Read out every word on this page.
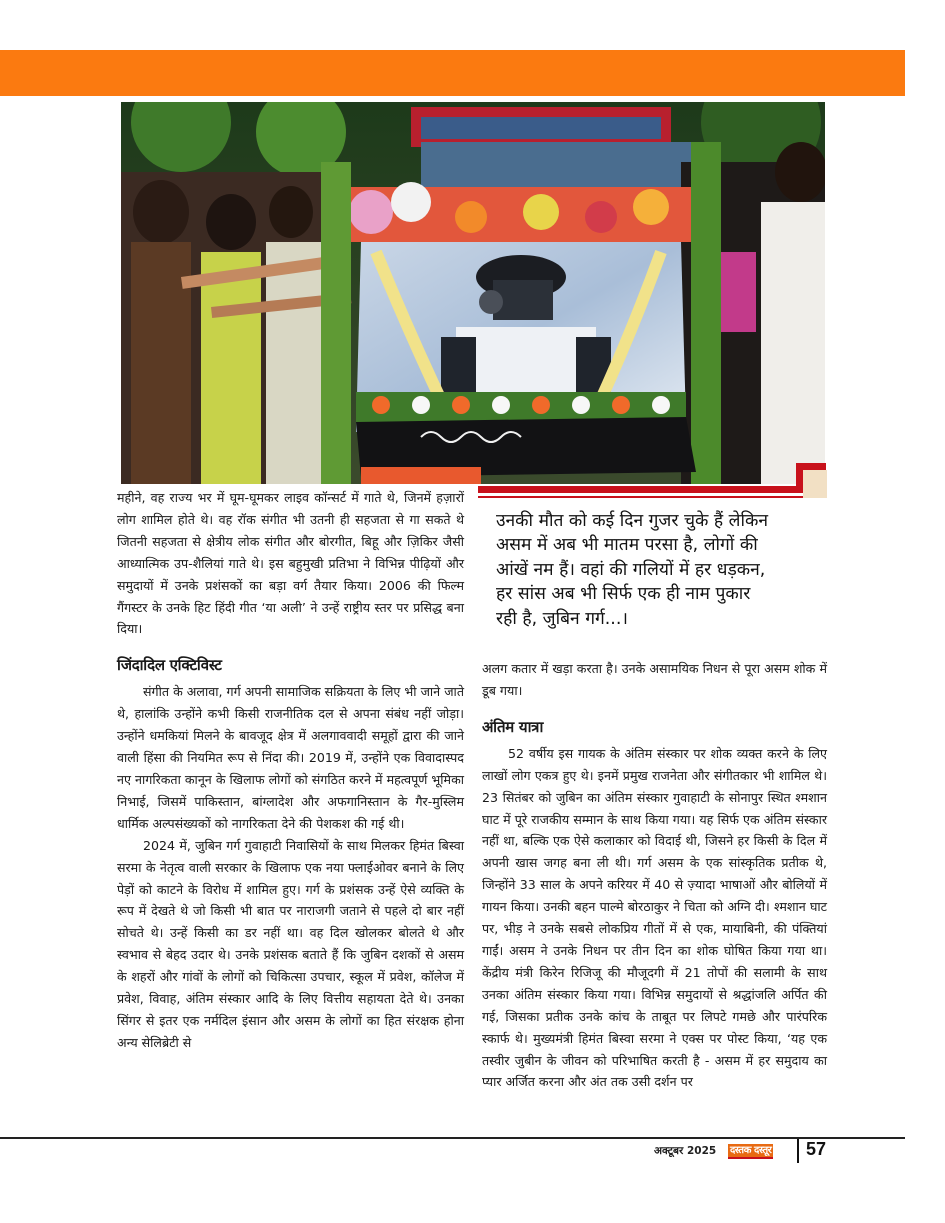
महीने, वह राज्य भर में घूम-घूमकर लाइव कॉन्सर्ट में गाते थे, जिनमें हज़ारों लोग शामिल होते थे। वह रॉक संगीत भी उतनी ही सहजता से गा सकते थे जितनी सहजता से क्षेत्रीय लोक संगीत और बोरगीत, बिहू और ज़िकिर जैसी आध्यात्मिक उप-शैलियां गाते थे। इस बहुमुखी प्रतिभा ने विभिन्न पीढ़ियों और समुदायों में उनके प्रशंसकों का बड़ा वर्ग तैयार किया। 2006 की फिल्म गैंगस्टर के उनके हिट हिंदी गीत ‘या अली’ ने उन्हें राष्ट्रीय स्तर पर प्रसिद्ध बना दिया।

जिंदादिल एक्टिविस्ट

संगीत के अलावा, गर्ग अपनी सामाजिक सक्रियता के लिए भी जाने जाते थे, हालांकि उन्होंने कभी किसी राजनीतिक दल से अपना संबंध नहीं जोड़ा। उन्होंने धमकियां मिलने के बावजूद क्षेत्र में अलगाववादी समूहों द्वारा की जाने वाली हिंसा की नियमित रूप से निंदा की। 2019 में, उन्होंने एक विवादास्पद नए नागरिकता कानून के खिलाफ लोगों को संगठित करने में महत्वपूर्ण भूमिका निभाई, जिसमें पाकिस्तान, बांग्लादेश और अफगानिस्तान के गैर-मुस्लिम धार्मिक अल्पसंख्यकों को नागरिकता देने की पेशकश की गई थी।

2024 में, जुबिन गर्ग गुवाहाटी निवासियों के साथ मिलकर हिमंत बिस्वा सरमा के नेतृत्व वाली सरकार के खिलाफ एक नया फ्लाईओवर बनाने के लिए पेड़ों को काटने के विरोध में शामिल हुए। गर्ग के प्रशंसक उन्हें ऐसे व्यक्ति के रूप में देखते थे जो किसी भी बात पर नाराजगी जताने से पहले दो बार नहीं सोचते थे। उन्हें किसी का डर नहीं था। वह दिल खोलकर बोलते थे और स्वभाव से बेहद उदार थे। उनके प्रशंसक बताते हैं कि जुबिन दशकों से असम के शहरों और गांवों के लोगों को चिकित्सा उपचार, स्कूल में प्रवेश, कॉलेज में प्रवेश, विवाह, अंतिम संस्कार आदि के लिए वित्तीय सहायता देते थे। उनका सिंगर से इतर एक नर्मदिल इंसान और असम के लोगों का हित संरक्षक होना अन्य सेलिब्रेटी से

उनकी मौत को कई दिन गुजर चुके हैं लेकिन
असम में अब भी मातम परसा है, लोगों की
आंखें नम हैं। वहां की गलियों में हर धड़कन,
हर सांस अब भी सिर्फ एक ही नाम पुकार
रही है, जुबिन गर्ग...।

अलग कतार में खड़ा करता है। उनके असामयिक निधन से पूरा असम शोक में डूब गया।

अंतिम यात्रा

52 वर्षीय इस गायक के अंतिम संस्कार पर शोक व्यक्त करने के लिए लाखों लोग एकत्र हुए थे। इनमें प्रमुख राजनेता और संगीतकार भी शामिल थे। 23 सितंबर को जुबिन का अंतिम संस्कार गुवाहाटी के सोनापुर स्थित श्मशान घाट में पूरे राजकीय सम्मान के साथ किया गया। यह सिर्फ एक अंतिम संस्कार नहीं था, बल्कि एक ऐसे कलाकार को विदाई थी, जिसने हर किसी के दिल में अपनी खास जगह बना ली थी। गर्ग असम के एक सांस्कृतिक प्रतीक थे, जिन्होंने 33 साल के अपने करियर में 40 से ज़्यादा भाषाओं और बोलियों में गायन किया। उनकी बहन पाल्मे बोरठाकुर ने चिता को अग्नि दी। श्मशान घाट पर, भीड़ ने उनके सबसे लोकप्रिय गीतों में से एक, मायाबिनी, की पंक्तियां गाईं। असम ने उनके निधन पर तीन दिन का शोक घोषित किया गया था। केंद्रीय मंत्री किरेन रिजिजू की मौजूदगी में 21 तोपों की सलामी के साथ उनका अंतिम संस्कार किया गया। विभिन्न समुदायों से श्रद्धांजलि अर्पित की गई, जिसका प्रतीक उनके कांच के ताबूत पर लिपटे गमछे और पारंपरिक स्कार्फ थे। मुख्यमंत्री हिमंत बिस्वा सरमा ने एक्स पर पोस्ट किया, ‘यह एक तस्वीर जुबीन के जीवन को परिभाषित करती है - असम में हर समुदाय का प्यार अर्जित करना और अंत तक उसी दर्शन पर

अक्टूबर 2025 दस्तक दस्तूर 57
